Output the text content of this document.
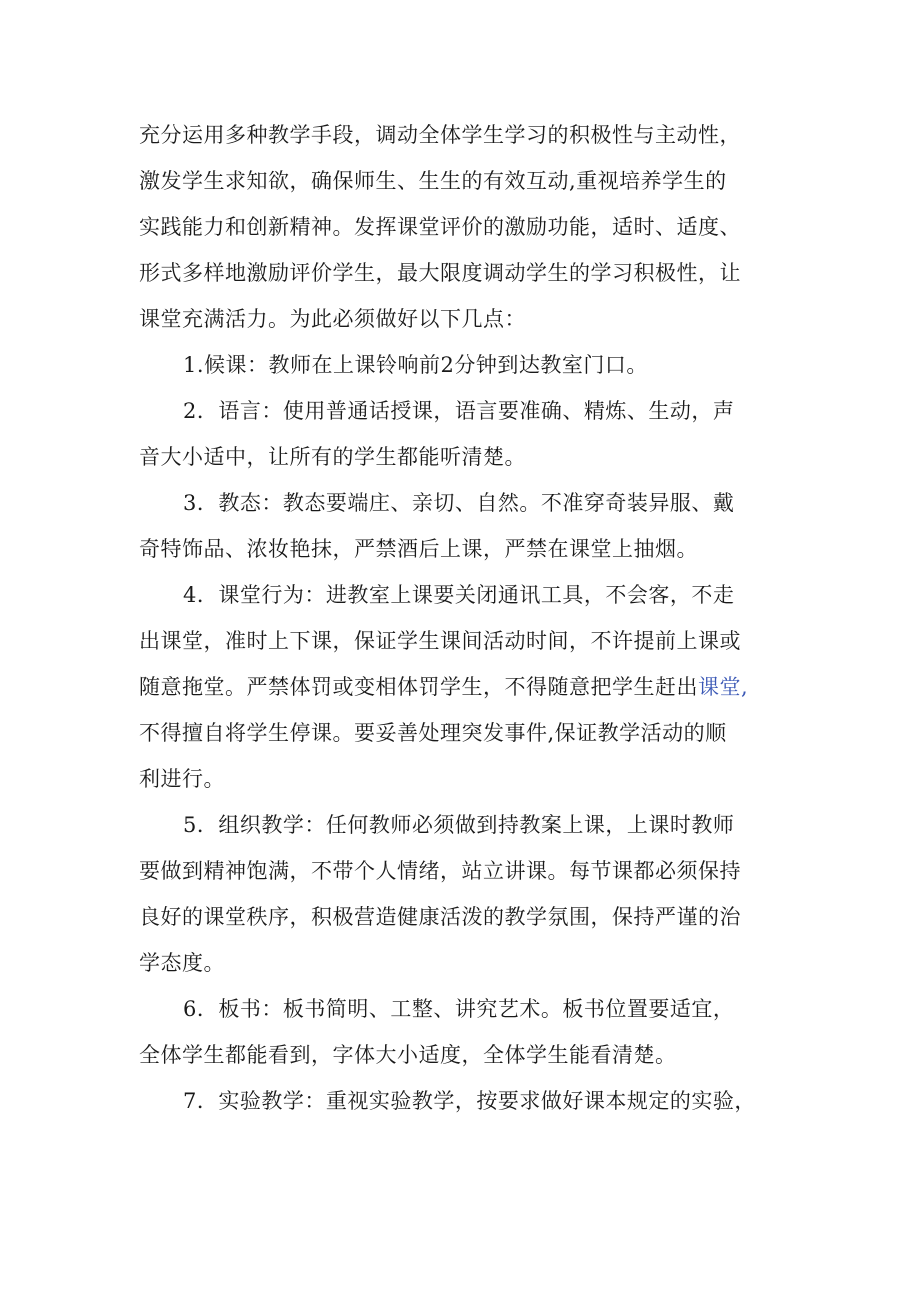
充分运用多种教学手段，调动全体学生学习的积极性与主动性，
激发学生求知欲，确保师生、生生的有效互动,重视培养学生的
实践能力和创新精神。发挥课堂评价的激励功能，适时、适度、
形式多样地激励评价学生，最大限度调动学生的学习积极性，让
课堂充满活力。为此必须做好以下几点：
1.候课：教师在上课铃响前2分钟到达教室门口。
2．语言：使用普通话授课，语言要准确、精炼、生动，声
音大小适中，让所有的学生都能听清楚。
3．教态：教态要端庄、亲切、自然。不准穿奇装异服、戴
奇特饰品、浓妆艳抹，严禁酒后上课，严禁在课堂上抽烟。
4．课堂行为：进教室上课要关闭通讯工具，不会客，不走
出课堂，准时上下课，保证学生课间活动时间，不许提前上课或
随意拖堂。严禁体罚或变相体罚学生，不得随意把学生赶出课堂,
不得擅自将学生停课。要妥善处理突发事件,保证教学活动的顺
利进行。
5．组织教学：任何教师必须做到持教案上课，上课时教师
要做到精神饱满，不带个人情绪，站立讲课。每节课都必须保持
良好的课堂秩序，积极营造健康活泼的教学氛围，保持严谨的治
学态度。
6．板书：板书简明、工整、讲究艺术。板书位置要适宜，
全体学生都能看到，字体大小适度，全体学生能看清楚。
7．实验教学：重视实验教学，按要求做好课本规定的实验，
